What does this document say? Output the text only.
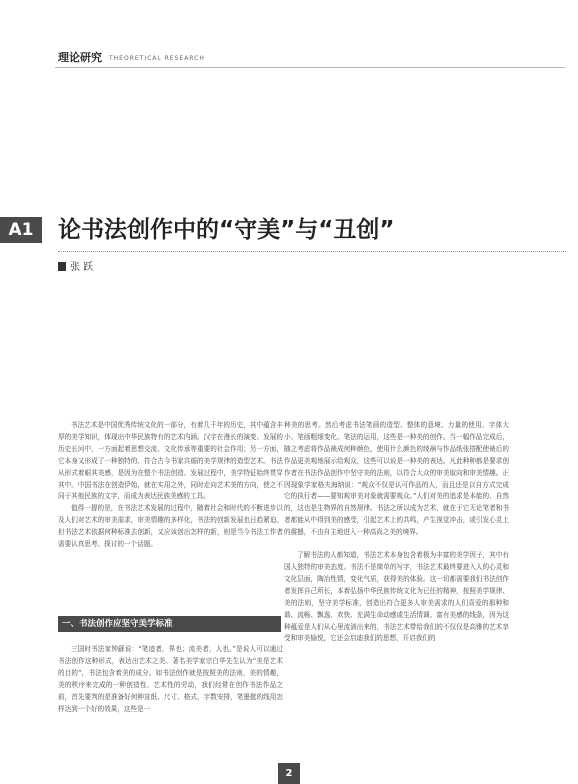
理论研究 THEORETICAL RESEARCH
A1	论书法创作中的“守美”与“丑创”
张 跃

书法艺术是中国优秀传统文化的一部分，有着几千年的历史，其中蕴含丰厚的美学知识，体现出中华民族特有的艺术内涵。汉字在漫长的演变、发展的历史长河中，一方面起着思想交流、文化传承等重要的社会作用；另一方面，它本身又形成了一种独特的、符合古今书家共循的美学规律的造型艺术。书法从形式着眼其美感，是因为在整个书法创造、发展过程中，美学特征始终贯穿其中。中国书法在创造伊始，就在实用之外，同时走向艺术美的方向，使之不同于其他民族的文字，而成为表达民族美感的工具。

值得一提的是，在书法艺术发展的过程中，随着社会和时代的不断进步以及人们对艺术的审美需求，审美情趣的多样化，书法的创新发展也日趋紧迫。但书法艺术依据何种标准去创新，又应该创出怎样的新，则是当今书法工作者需要认真思考、探讨的一个话题。

一、书法创作应坚守美学标准

三国时书法家钟繇说：“笔迹者，界也；流美者，人也。”是说人可以通过书法创作这种形式，表达出艺术之美。著名美学家宗白华先生认为“美是艺术的目的”，书法包含着美的成分。如书法创作就是按照美的法则，美的情趣，美的秩序来完成的一种创造性、艺术性的劳动，我们经常在创作书法作品之前，首先要判的是准备好何种宣纸、尺寸、格式，字数安排，笔墨挺的线用怎样达到一个好的效果，这些是一

种美的思考。然后考虑书法笔画的造型、整体的意境、力量的使用、字体大小、笔画粗细变化、笔法的运用，这些是一种美的创作。当一幅作品完成后，随之考虑将作品裱成何种颜色，使用什么颜色的绫裥与作品纸张搭配使裱后的作品更美观地展示给观众，这些可以说是一种美的表达。凡此种种都是要求创作者在书法作品创作中坚守美的法则，以符合大众的审美取向和审美情趣。正因现象学家格夫海纳说：“观众不仅是认可作品的人，而且还是以自方式完成它的执行者——要知观审美对象就需要观众。”人们对美的追求是本能的、自然的，这也是生物界的自然规律。书法之所以成为艺术，就在于它无论笔者和书者都能从中得到美的感受，引起艺术上的共鸣，产生视觉冲击，或引发心灵上的震撼，不由自主地进入一种高尚之美的境界。

了解书法的人都知道，书法艺术本身包含着极为丰富的美学因子，其中有国人独特的审美态度。书法不是简单的写字，书法艺术最终要进入人的心灵和文化层面，陶冶性情，变化气质，获得美的体验。这一切都需要我们书法创作者发挥自己所长，本着弘扬中华民族传统文化为已任的精神，按照美学规律、美的法则，坚守美学标准，创造出符合更多人审美需求的人们喜爱的那种和谐、流畅、飘逸、欢快、充满生命动感或生活情调、富有美感的线条，因为这种蕴爱是人们从心里流淌出来的，书法艺术带给我们的不仅仅是高雅的艺术享受和审美愉悦，它还会启迪我们的思想，开启我们的

2
